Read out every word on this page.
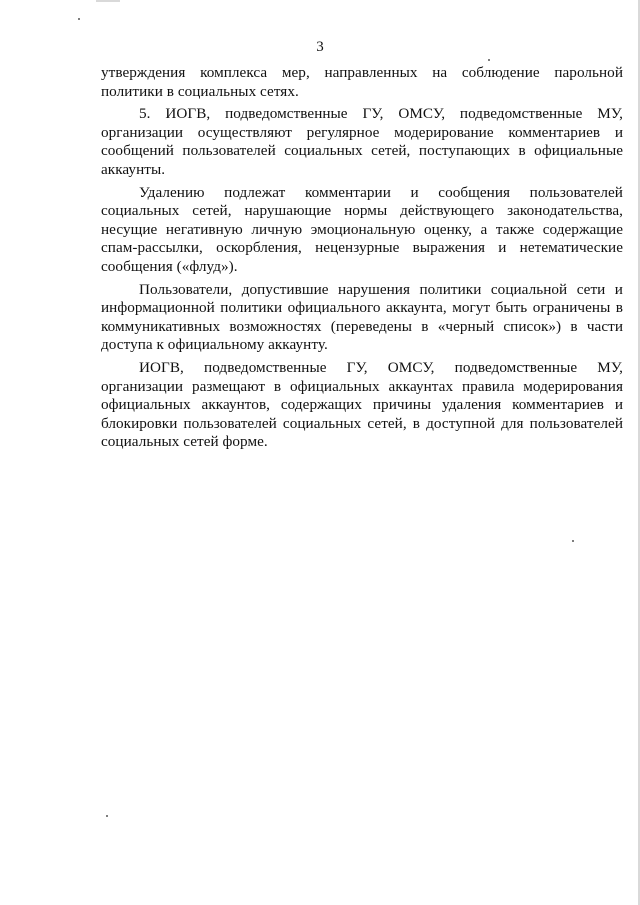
3

утверждения комплекса мер, направленных на соблюдение парольной политики в социальных сетях.

5. ИОГВ, подведомственные ГУ, ОМСУ, подведомственные МУ, организации осуществляют регулярное модерирование комментариев и сообщений пользователей социальных сетей, поступающих в официальные аккаунты.

Удалению подлежат комментарии и сообщения пользователей социальных сетей, нарушающие нормы действующего законодательства, несущие негативную личную эмоциональную оценку, а также содержащие спам-рассылки, оскорбления, нецензурные выражения и нетематические сообщения («флуд»).

Пользователи, допустившие нарушения политики социальной сети и информационной политики официального аккаунта, могут быть ограничены в коммуникативных возможностях (переведены в «черный список») в части доступа к официальному аккаунту.

ИОГВ, подведомственные ГУ, ОМСУ, подведомственные МУ, организации размещают в официальных аккаунтах правила модерирования официальных аккаунтов, содержащих причины удаления комментариев и блокировки пользователей социальных сетей, в доступной для пользователей социальных сетей форме.
